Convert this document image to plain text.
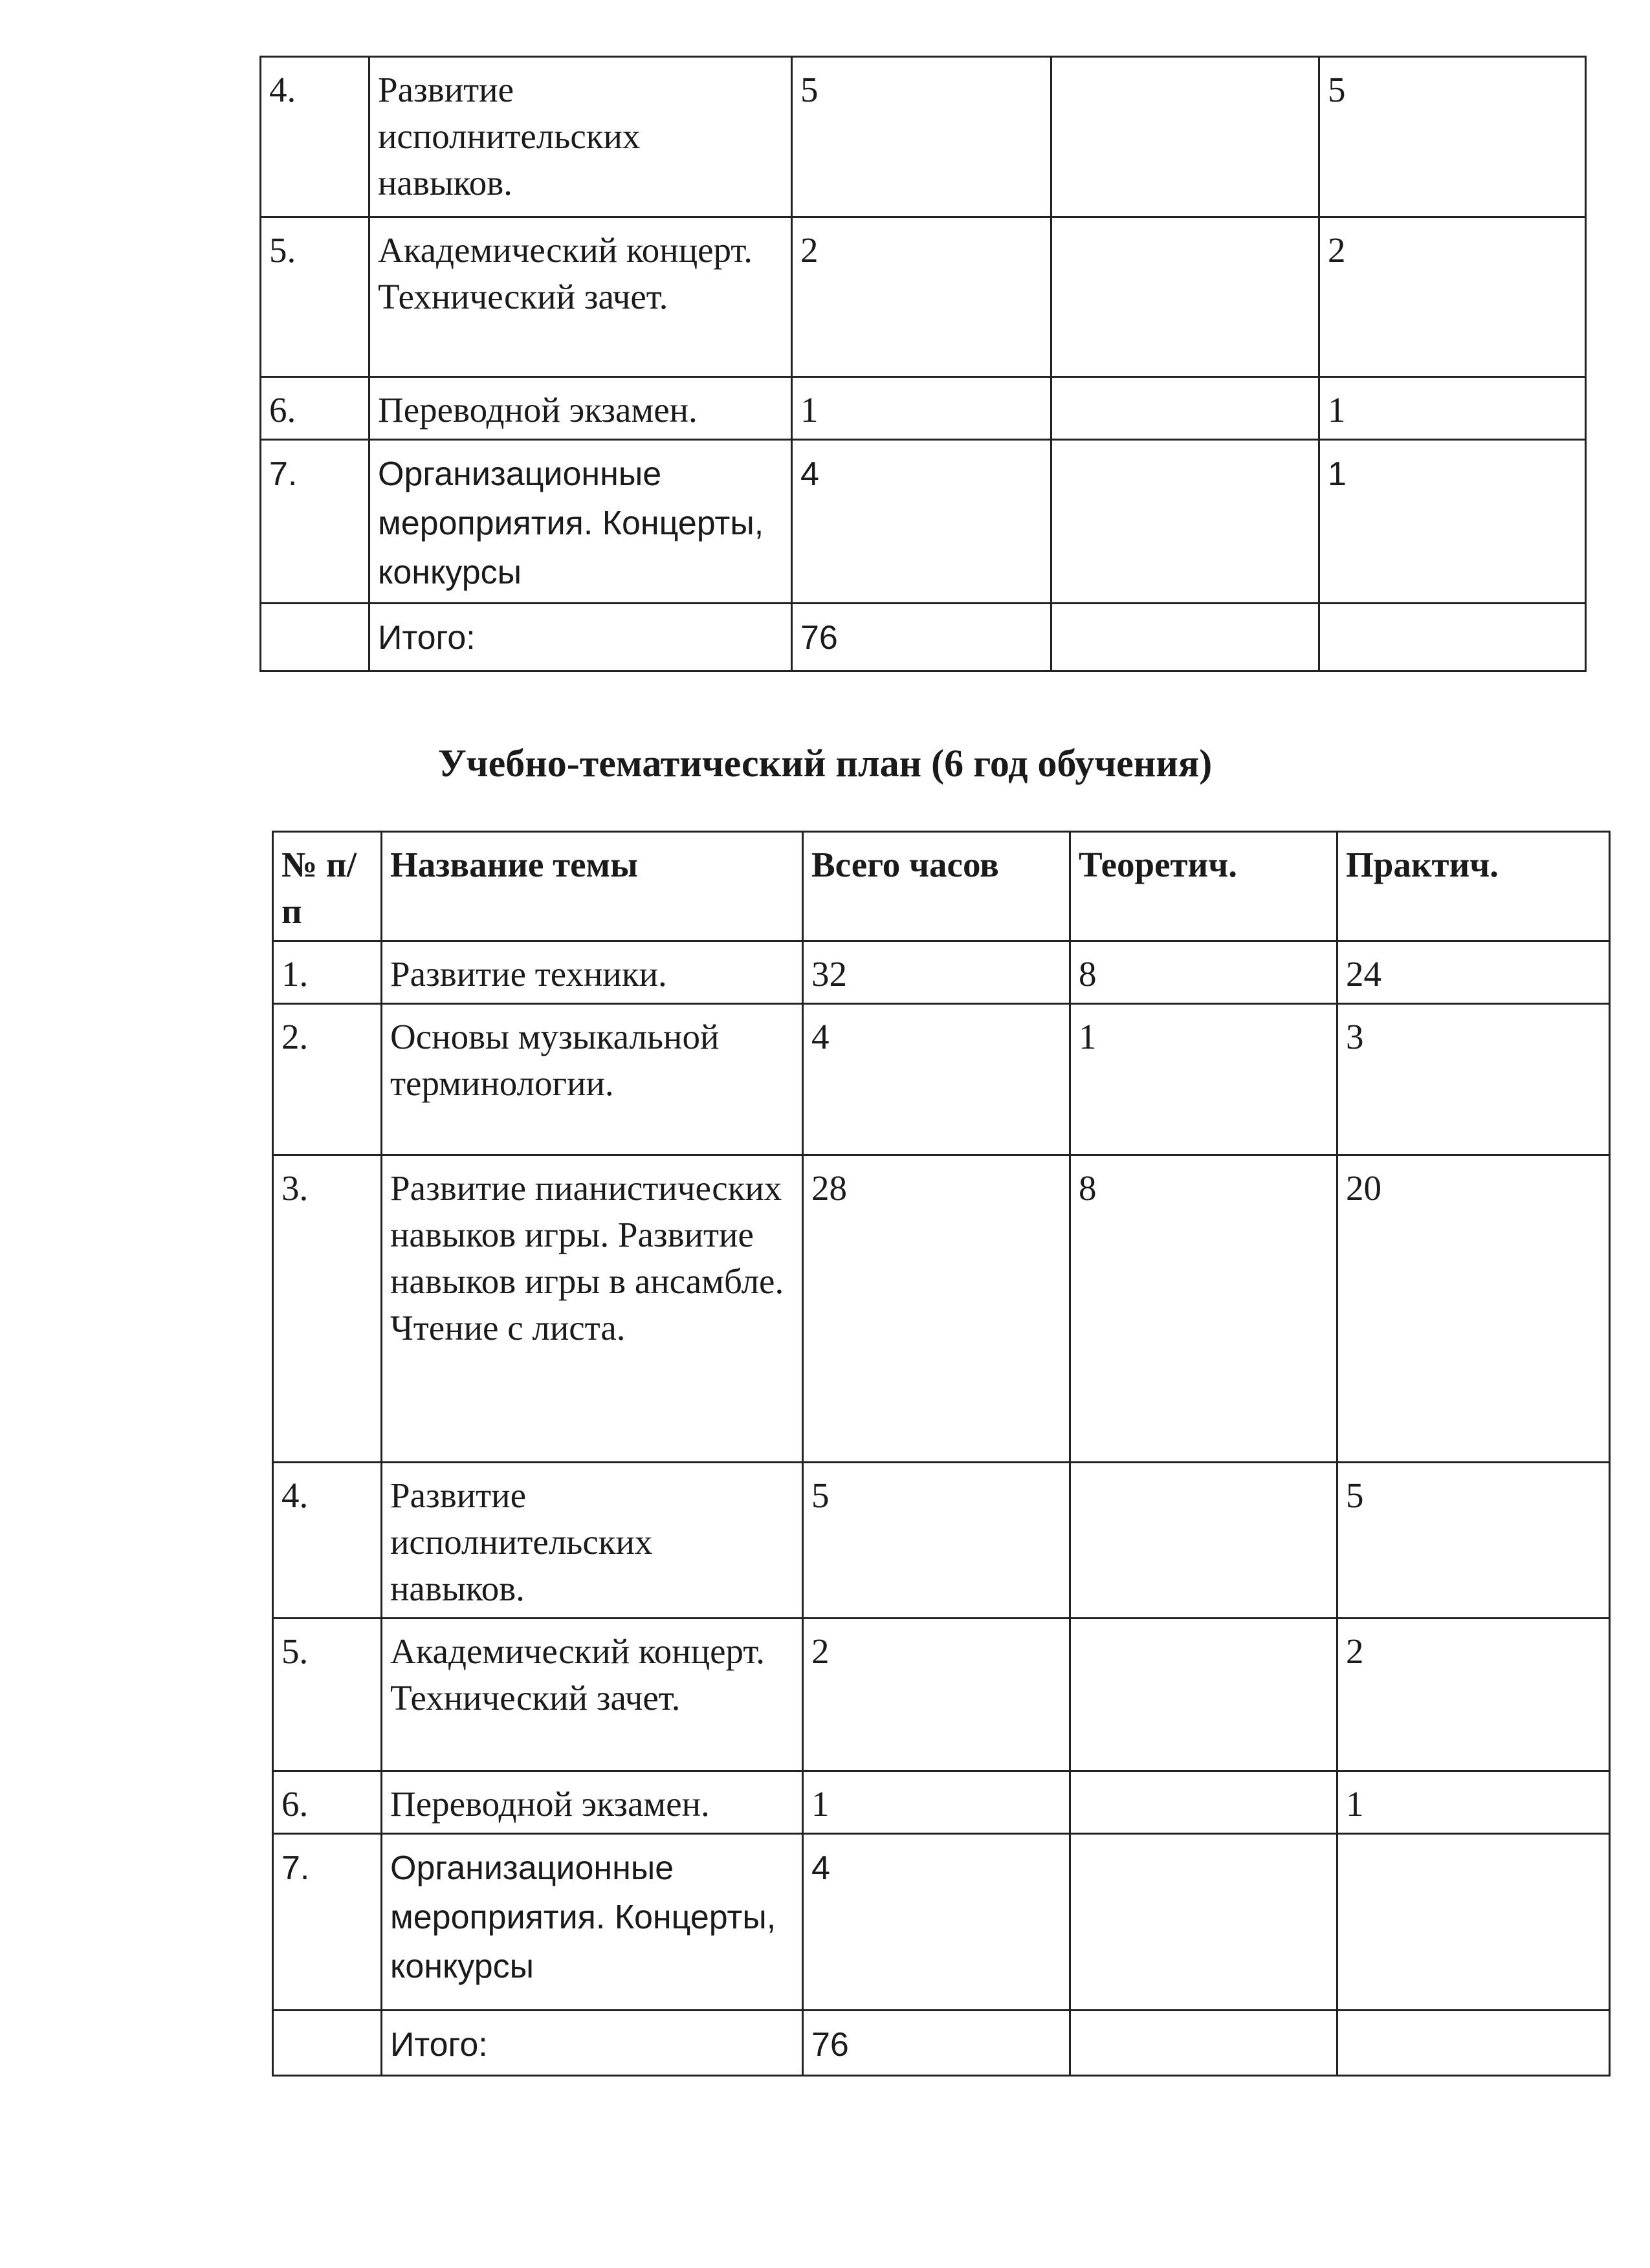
4.	Развитие исполнительских навыков.	5		5
5.	Академический концерт. Технический зачет.	2		2
6.	Переводной экзамен.	1		1
7.	Организационные мероприятия. Концерты, конкурсы	4		1
	Итого:	76		
Учебно-тематический план (6 год обучения)
№ п/п	Название темы	Всего часов	Теоретич.	Практич.
1.	Развитие техники.	32	8	24
2.	Основы музыкальной терминологии.	4	1	3
3.	Развитие пианистических навыков игры. Развитие навыков игры в ансамбле. Чтение с листа.	28	8	20
4.	Развитие исполнительских навыков.	5		5
5.	Академический концерт. Технический зачет.	2		2
6.	Переводной экзамен.	1		1
7.	Организационные мероприятия. Концерты, конкурсы	4		
	Итого:	76		
